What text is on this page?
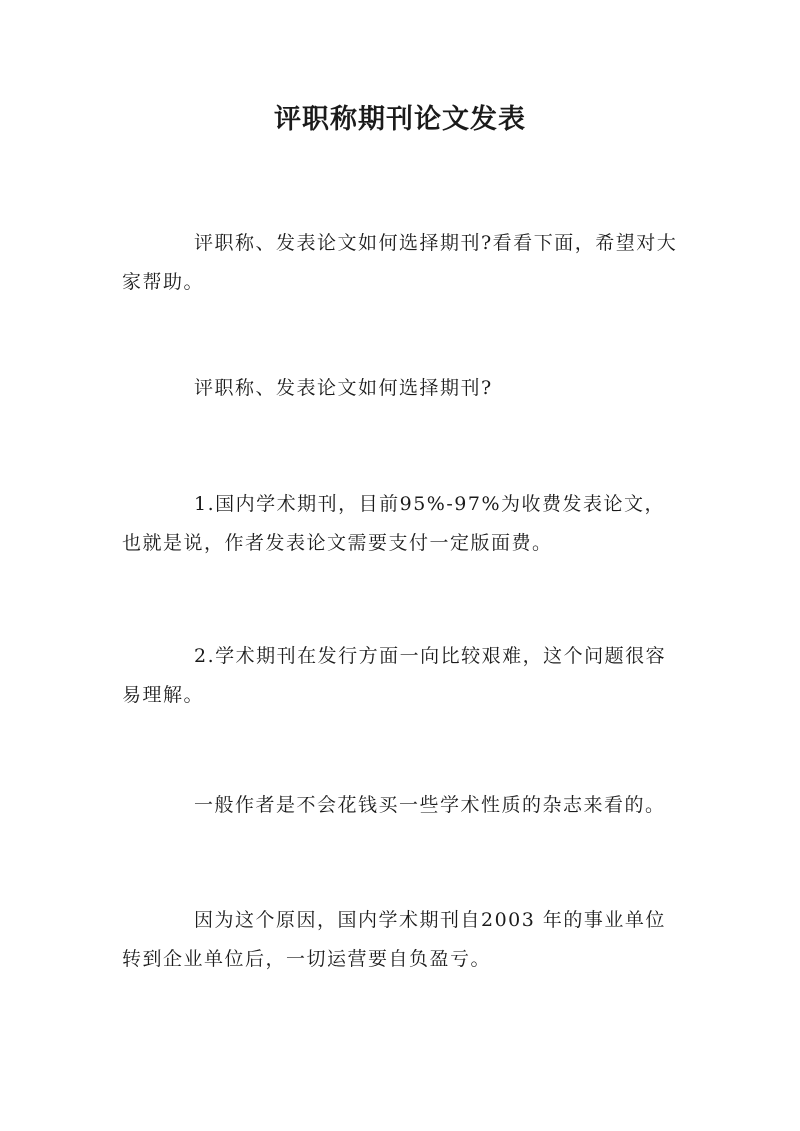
评职称期刊论文发表

评职称、发表论文如何选择期刊?看看下面，希望对大家帮助。

评职称、发表论文如何选择期刊?

1.国内学术期刊，目前95%-97%为收费发表论文，也就是说，作者发表论文需要支付一定版面费。

2.学术期刊在发行方面一向比较艰难，这个问题很容易理解。

一般作者是不会花钱买一些学术性质的杂志来看的。

因为这个原因，国内学术期刊自2003 年的事业单位转到企业单位后，一切运营要自负盈亏。
